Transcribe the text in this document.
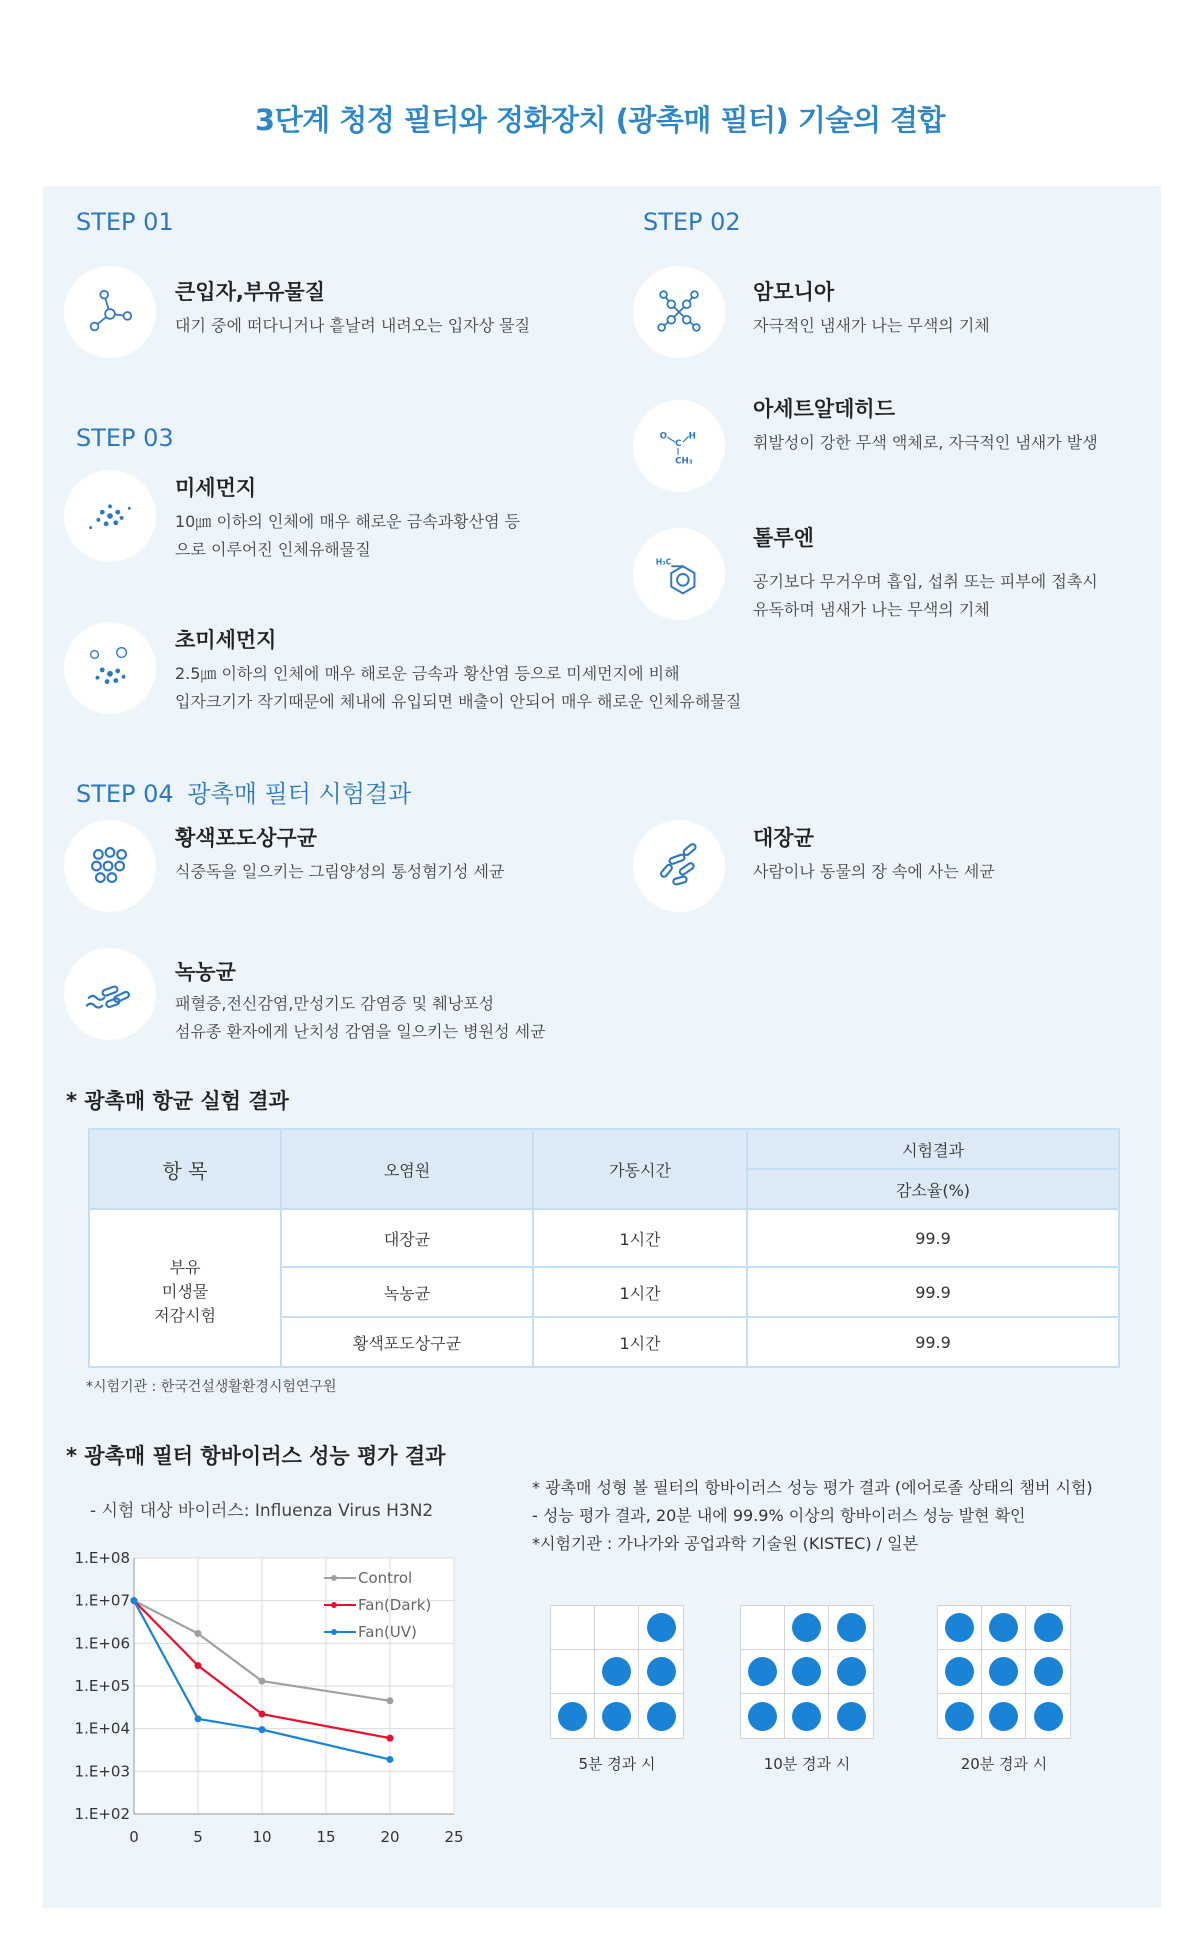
3단계 청정 필터와 정화장치 (광촉매 필터) 기술의 결합
STEP 01
큰입자,부유물질
대기 중에 떠다니거나 흩날려 내려오는 입자상 물질
STEP 02
암모니아
자극적인 냄새가 나는 무색의 기체
O
C
H
CH₃
아세트알데히드
휘발성이 강한 무색 액체로, 자극적인 냄새가 발생
H₃C
톨루엔
공기보다 무거우며 흡입, 섭취 또는 피부에 접촉시
유독하며 냄새가 나는 무색의 기체
STEP 03
미세먼지
10㎛ 이하의 인체에 매우 해로운 금속과황산염 등
으로 이루어진 인체유해물질
초미세먼지
2.5㎛ 이하의 인체에 매우 해로운 금속과 황산염 등으로 미세먼지에 비해
입자크기가 작기때문에 체내에 유입되면 배출이 안되어 매우 해로운 인체유해물질
STEP 04 광촉매 필터 시험결과
황색포도상구균
식중독을 일으키는 그림양성의 통성혐기성 세균
대장균
사람이나 동물의 장 속에 사는 세균
녹농균
패혈증,전신감염,만성기도 감염증 및 췌낭포성
섬유종 환자에게 난치성 감염을 일으키는 병원성 세균
* 광촉매 항균 실험 결과
항 목	오염원	가동시간	시험결과
			감소율(%)

부유
미생물
저감시험	대장균	1시간	99.9
	녹농균	1시간	99.9
	황색포도상구균	1시간	99.9
*시험기관 : 한국건설생활환경시험연구원
* 광촉매 필터 항바이러스 성능 평가 결과
- 시험 대상 바이러스: Influenza Virus H3N2
0	5	10	15	20	25
1.E+02
1.E+03
1.E+04
1.E+05
1.E+06
1.E+07
1.E+08
Control
Fan(Dark)
Fan(UV)
* 광촉매 성형 볼 필터의 항바이러스 성능 평가 결과 (에어로졸 상태의 챔버 시험)
- 성능 평가 결과, 20분 내에 99.9% 이상의 항바이러스 성능 발현 확인
*시험기관 : 가나가와 공업과학 기술원 (KISTEC) / 일본
5분 경과 시	10분 경과 시	20분 경과 시
